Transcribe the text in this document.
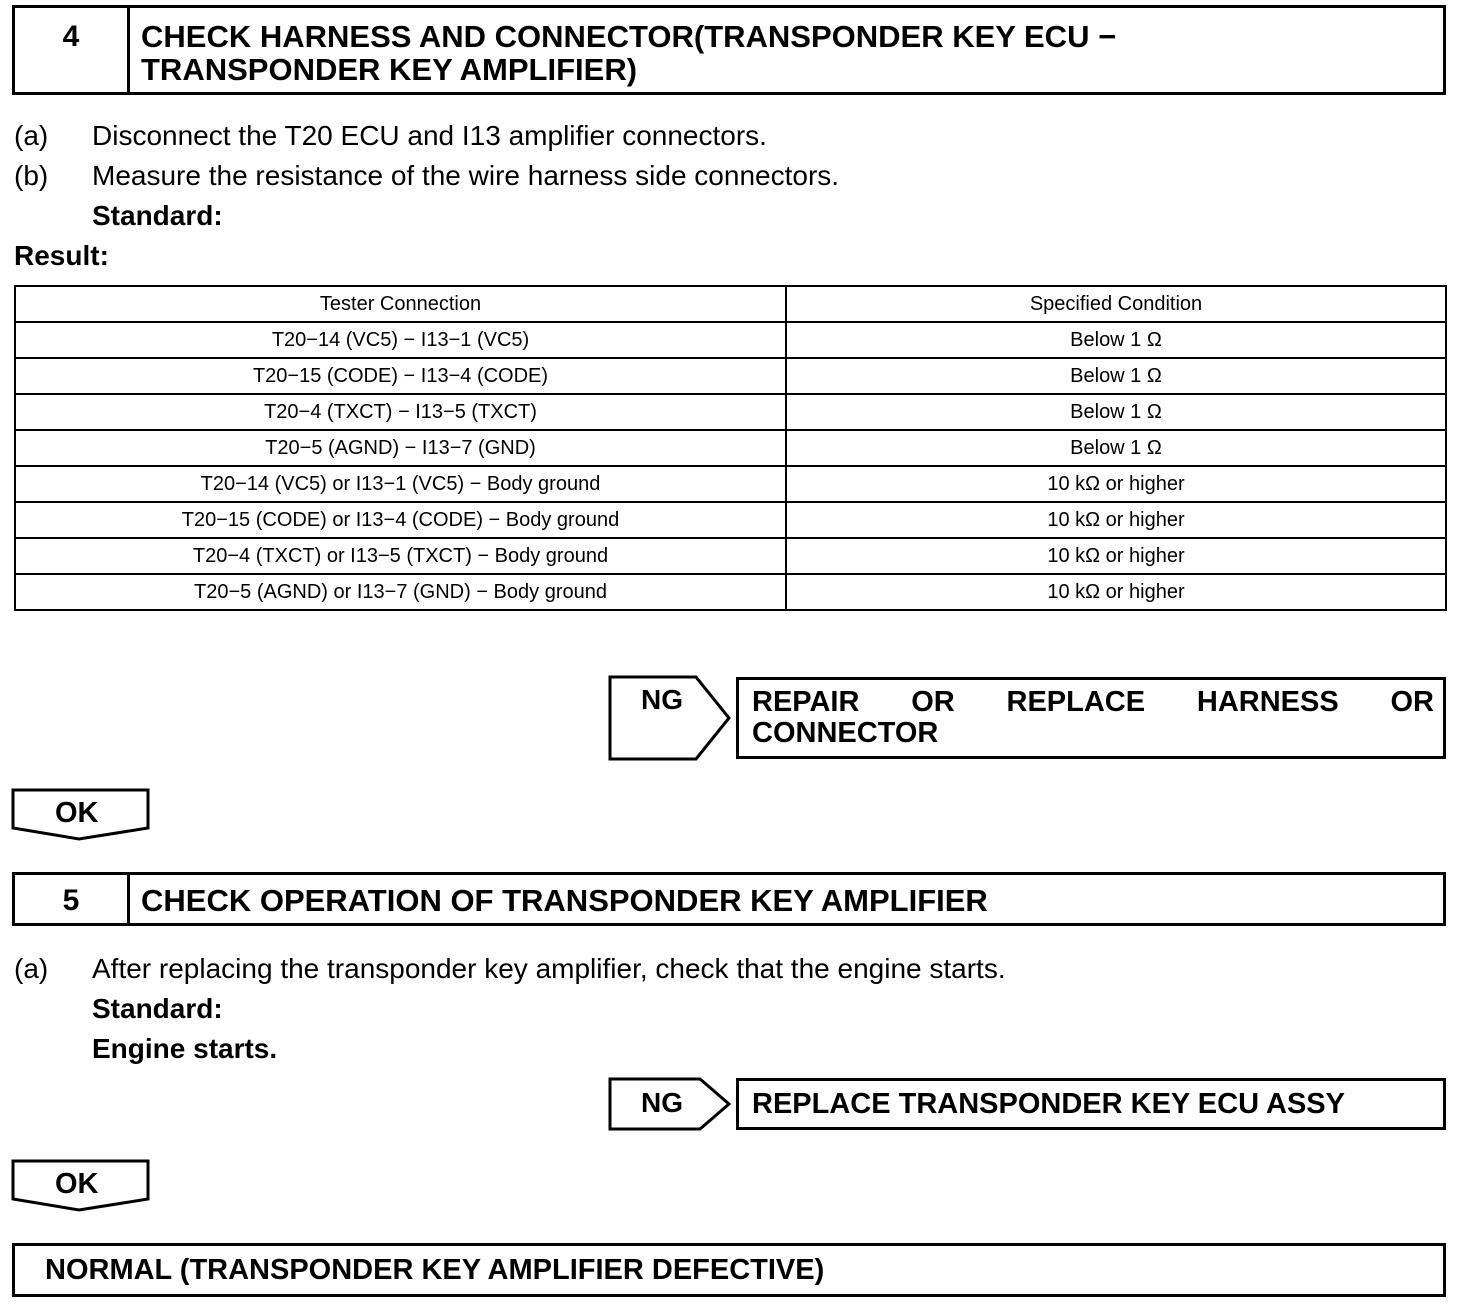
4	CHECK HARNESS AND CONNECTOR(TRANSPONDER KEY ECU −
TRANSPONDER KEY AMPLIFIER)
(a) Disconnect the T20 ECU and I13 amplifier connectors.
(b) Measure the resistance of the wire harness side connectors.
Standard:
Result:
Tester Connection	Specified Condition
T20−14 (VC5) − I13−1 (VC5)	Below 1 Ω
T20−15 (CODE) − I13−4 (CODE)	Below 1 Ω
T20−4 (TXCT) − I13−5 (TXCT)	Below 1 Ω
T20−5 (AGND) − I13−7 (GND)	Below 1 Ω
T20−14 (VC5) or I13−1 (VC5) − Body ground	10 kΩ or higher
T20−15 (CODE) or I13−4 (CODE) − Body ground	10 kΩ or higher
T20−4 (TXCT) or I13−5 (TXCT) − Body ground	10 kΩ or higher
T20−5 (AGND) or I13−7 (GND) − Body ground	10 kΩ or higher
NG REPAIR OR REPLACE HARNESS OR
CONNECTOR
OK
5	CHECK OPERATION OF TRANSPONDER KEY AMPLIFIER
(a) After replacing the transponder key amplifier, check that the engine starts.
Standard:
Engine starts.
NG REPLACE TRANSPONDER KEY ECU ASSY
OK
NORMAL (TRANSPONDER KEY AMPLIFIER DEFECTIVE)
